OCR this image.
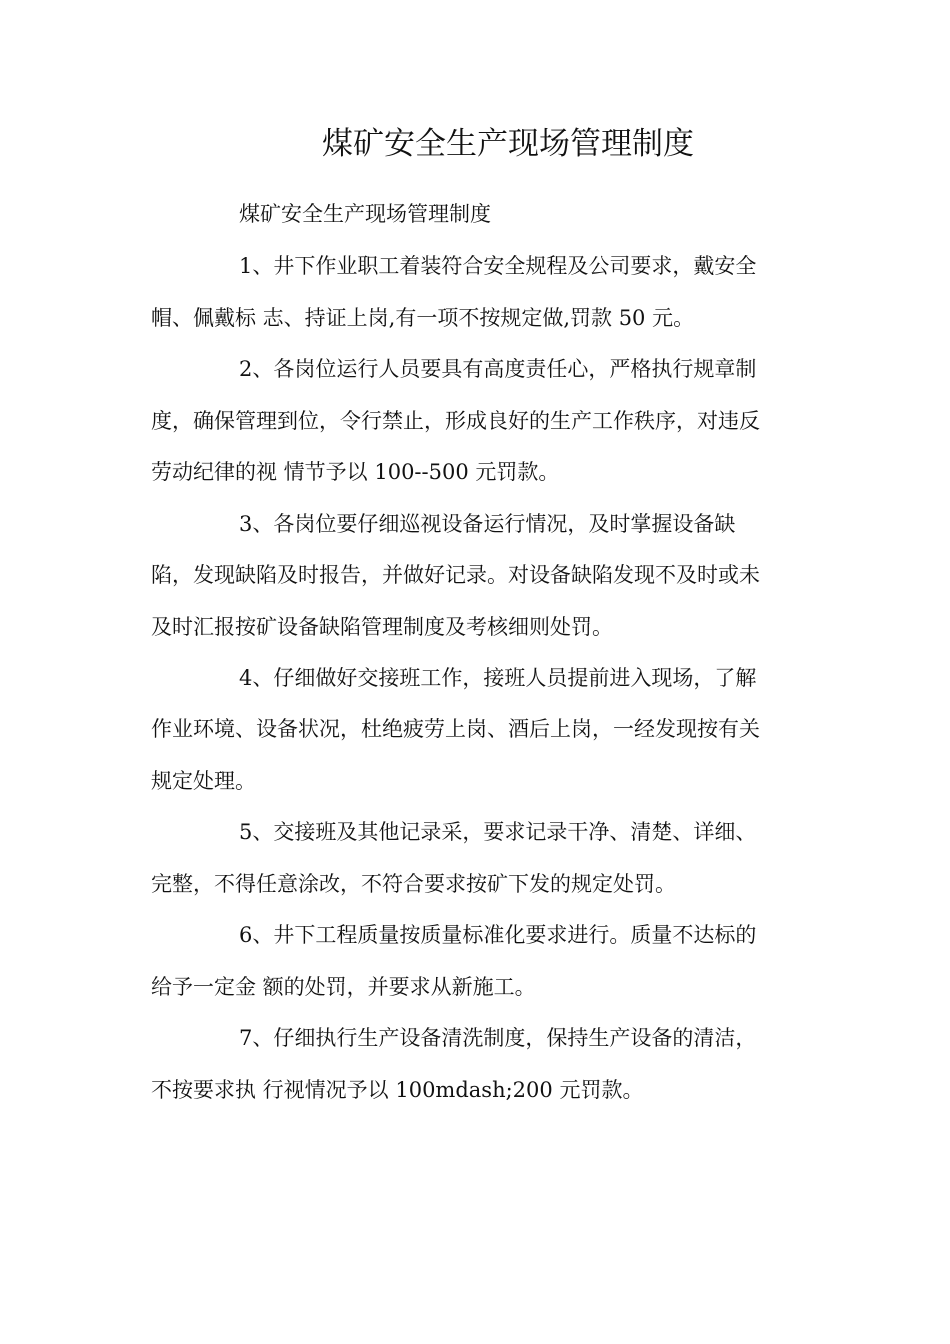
煤矿安全生产现场管理制度
煤矿安全生产现场管理制度
1、井下作业职工着装符合安全规程及公司要求，戴安全
帽、佩戴标 志、持证上岗,有一项不按规定做,罚款 50 元。
2、各岗位运行人员要具有高度责任心，严格执行规章制
度，确保管理到位，令行禁止，形成良好的生产工作秩序，对违反
劳动纪律的视 情节予以 100--500 元罚款。
3、各岗位要仔细巡视设备运行情况，及时掌握设备缺
陷，发现缺陷及时报告，并做好记录。对设备缺陷发现不及时或未
及时汇报按矿设备缺陷管理制度及考核细则处罚。
4、仔细做好交接班工作，接班人员提前进入现场，了解
作业环境、设备状况，杜绝疲劳上岗、酒后上岗，一经发现按有关
规定处理。
5、交接班及其他记录采，要求记录干净、清楚、详细、
完整，不得任意涂改，不符合要求按矿下发的规定处罚。
6、井下工程质量按质量标准化要求进行。质量不达标的
给予一定金 额的处罚，并要求从新施工。
7、仔细执行生产设备清洗制度，保持生产设备的清洁，
不按要求执 行视情况予以 100mdash;200 元罚款。
